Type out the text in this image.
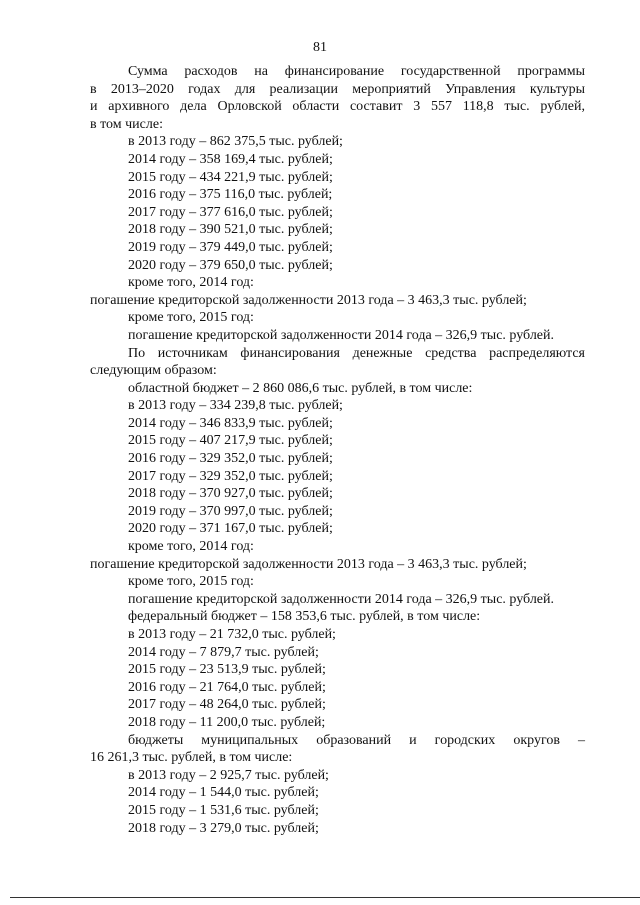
81
Сумма расходов на финансирование государственной программы
в 2013–2020 годах для реализации мероприятий Управления культуры
и архивного дела Орловской области составит 3 557 118,8 тыс. рублей,
в том числе:
в 2013 году – 862 375,5 тыс. рублей;
2014 году – 358 169,4 тыс. рублей;
2015 году – 434 221,9 тыс. рублей;
2016 году – 375 116,0 тыс. рублей;
2017 году – 377 616,0 тыс. рублей;
2018 году – 390 521,0 тыс. рублей;
2019 году – 379 449,0 тыс. рублей;
2020 году – 379 650,0 тыс. рублей;
кроме того, 2014 год:
погашение кредиторской задолженности 2013 года – 3 463,3 тыс. рублей;
кроме того, 2015 год:
погашение кредиторской задолженности 2014 года – 326,9 тыс. рублей.
По источникам финансирования денежные средства распределяются
следующим образом:
областной бюджет – 2 860 086,6 тыс. рублей, в том числе:
в 2013 году – 334 239,8 тыс. рублей;
2014 году – 346 833,9 тыс. рублей;
2015 году – 407 217,9 тыс. рублей;
2016 году – 329 352,0 тыс. рублей;
2017 году – 329 352,0 тыс. рублей;
2018 году – 370 927,0 тыс. рублей;
2019 году – 370 997,0 тыс. рублей;
2020 году – 371 167,0 тыс. рублей;
кроме того, 2014 год:
погашение кредиторской задолженности 2013 года – 3 463,3 тыс. рублей;
кроме того, 2015 год:
погашение кредиторской задолженности 2014 года – 326,9 тыс. рублей.
федеральный бюджет – 158 353,6 тыс. рублей, в том числе:
в 2013 году – 21 732,0 тыс. рублей;
2014 году – 7 879,7 тыс. рублей;
2015 году – 23 513,9 тыс. рублей;
2016 году – 21 764,0 тыс. рублей;
2017 году – 48 264,0 тыс. рублей;
2018 году – 11 200,0 тыс. рублей;
бюджеты муниципальных образований и городских округов –
16 261,3 тыс. рублей, в том числе:
в 2013 году – 2 925,7 тыс. рублей;
2014 году – 1 544,0 тыс. рублей;
2015 году – 1 531,6 тыс. рублей;
2018 году – 3 279,0 тыс. рублей;
